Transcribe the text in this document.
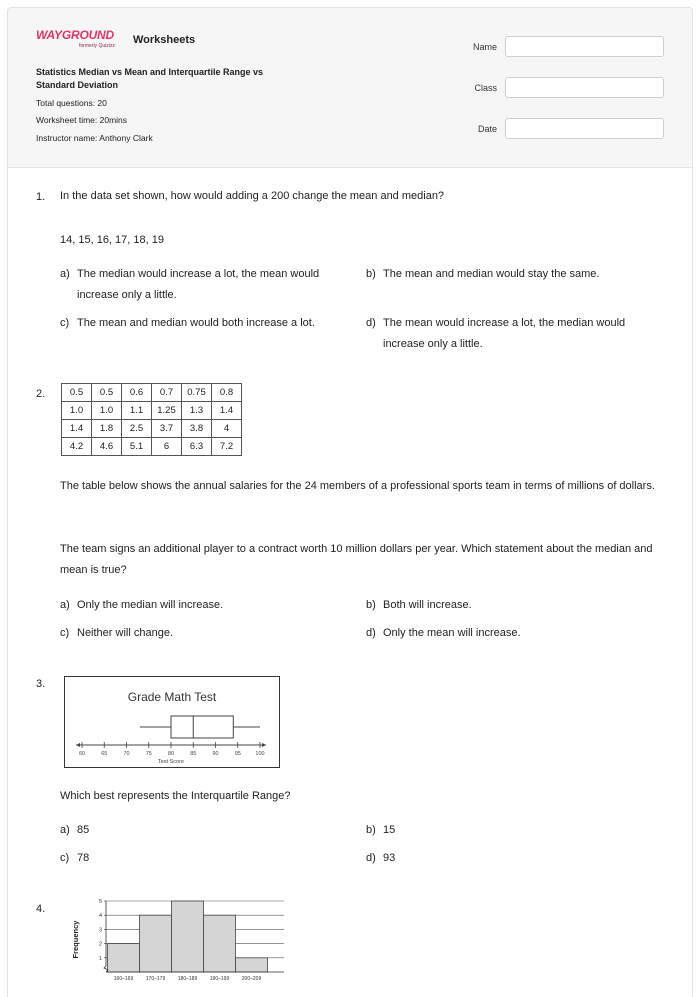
WAYGROUND
formerly Quizizz Worksheets
Statistics Median vs Mean and Interquartile Range vs Standard Deviation
Total questions: 20
Worksheet time: 20mins
Instructor name: Anthony Clark
Name
Class
Date
1. In the data set shown, how would adding a 200 change the mean and median?
14, 15, 16, 17, 18, 19
a) The median would increase a lot, the mean would increase only a little.
b) The mean and median would stay the same.
c) The mean and median would both increase a lot.	d) The mean would increase a lot, the median would increase only a little.
2.	0.5	0.5	0.6	0.7	0.75	0.8
1.0	1.0	1.1	1.25	1.3	1.4
1.4	1.8	2.5	3.7	3.8	4
4.2	4.6	5.1	6	6.3	7.2
The table below shows the annual salaries for the 24 members of a professional sports team in terms of millions of dollars.
The team signs an additional player to a contract worth 10 million dollars per year. Which statement about the median and mean is true?
a) Only the median will increase.	b) Both will increase.
c) Neither will change.	d) Only the mean will increase.
3.
Grade Math Test
60	65	70	75	80	85	90	95	100
Test Score
Which best represents the Interquartile Range?
a) 85	b) 15
c) 78	d) 93
4.
Frequency
1
2
3
4
5
160–169	170–179	180–189	190–199	200–209
